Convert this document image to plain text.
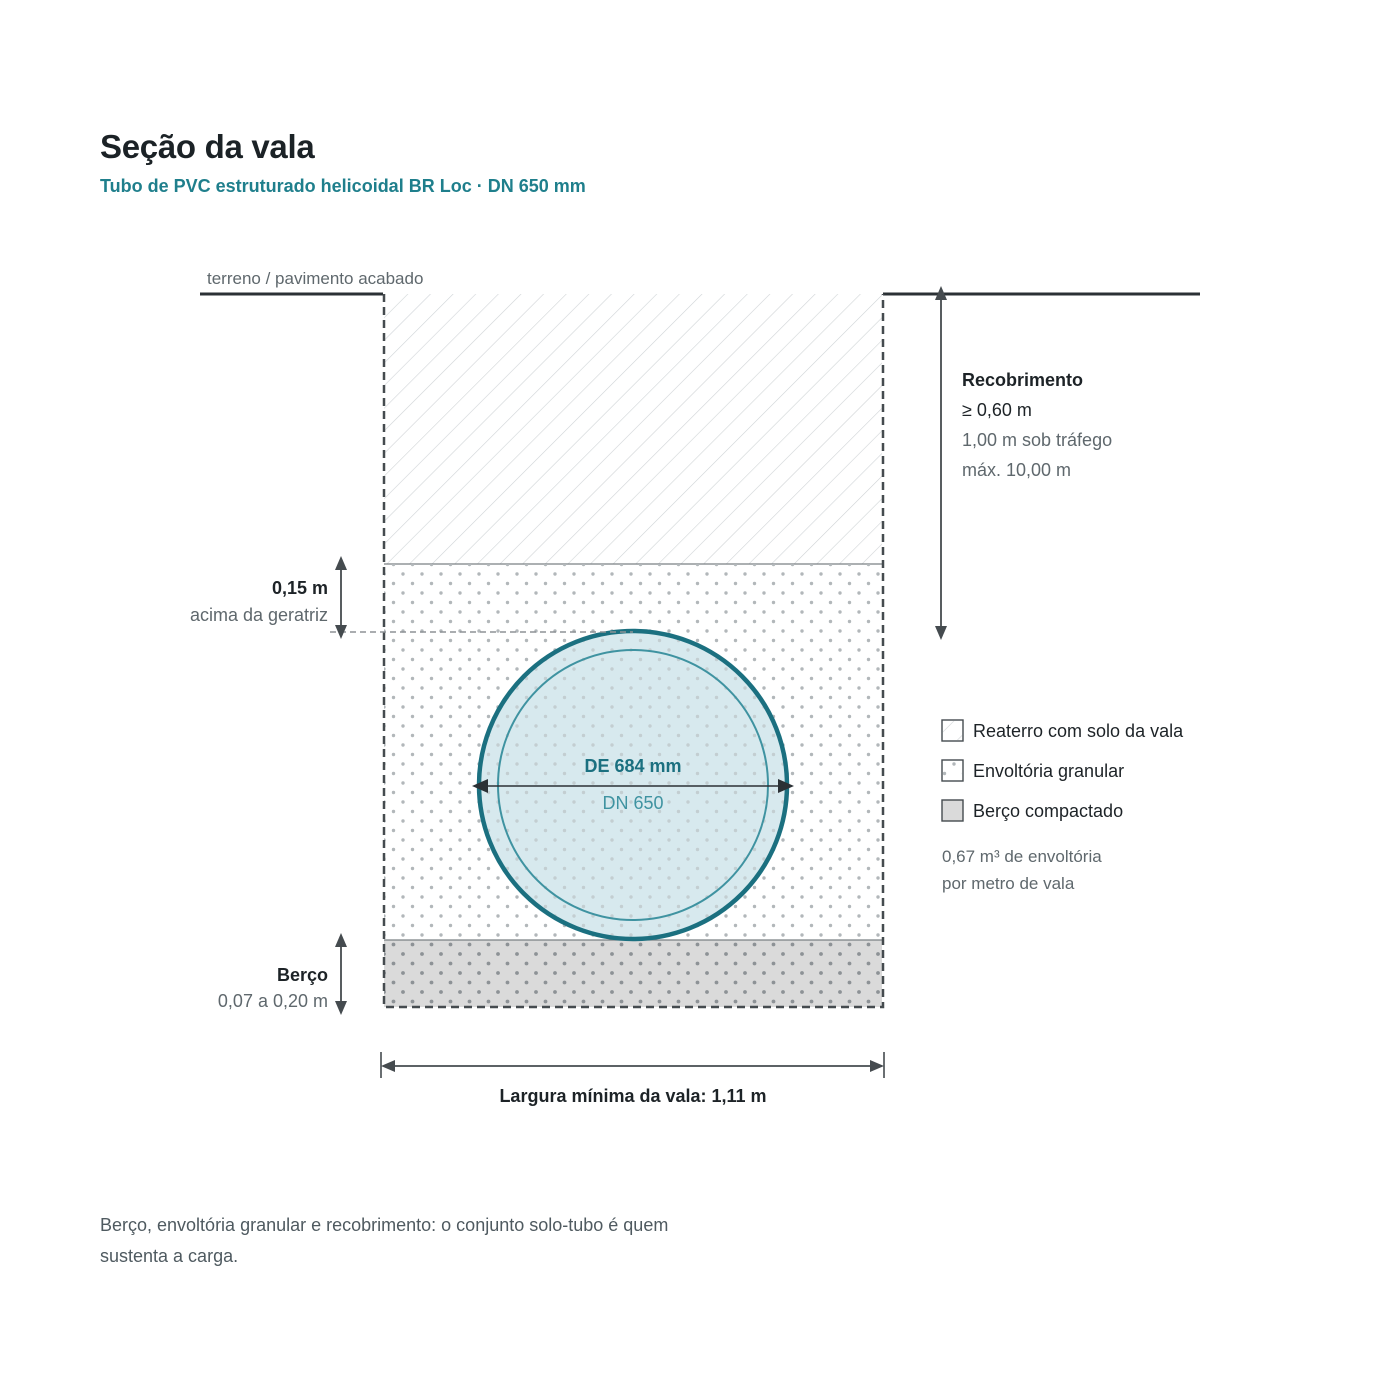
Seção da vala

Tubo de PVC estruturado helicoidal BR Loc · DN 650 mm

terreno / pavimento acabado
DE 684 mm
DN 650
0,15 m
acima da geratriz
Berço
0,07 a 0,20 m
Recobrimento
≥ 0,60 m
1,00 m sob tráfego
máx. 10,00 m
Largura mínima da vala: 1,11 m
Reaterro com solo da vala
Envoltória granular
Berço compactado
0,67 m³ de envoltória
por metro de vala

Berço, envoltória granular e recobrimento: o conjunto solo-tubo é quem sustenta a carga.
